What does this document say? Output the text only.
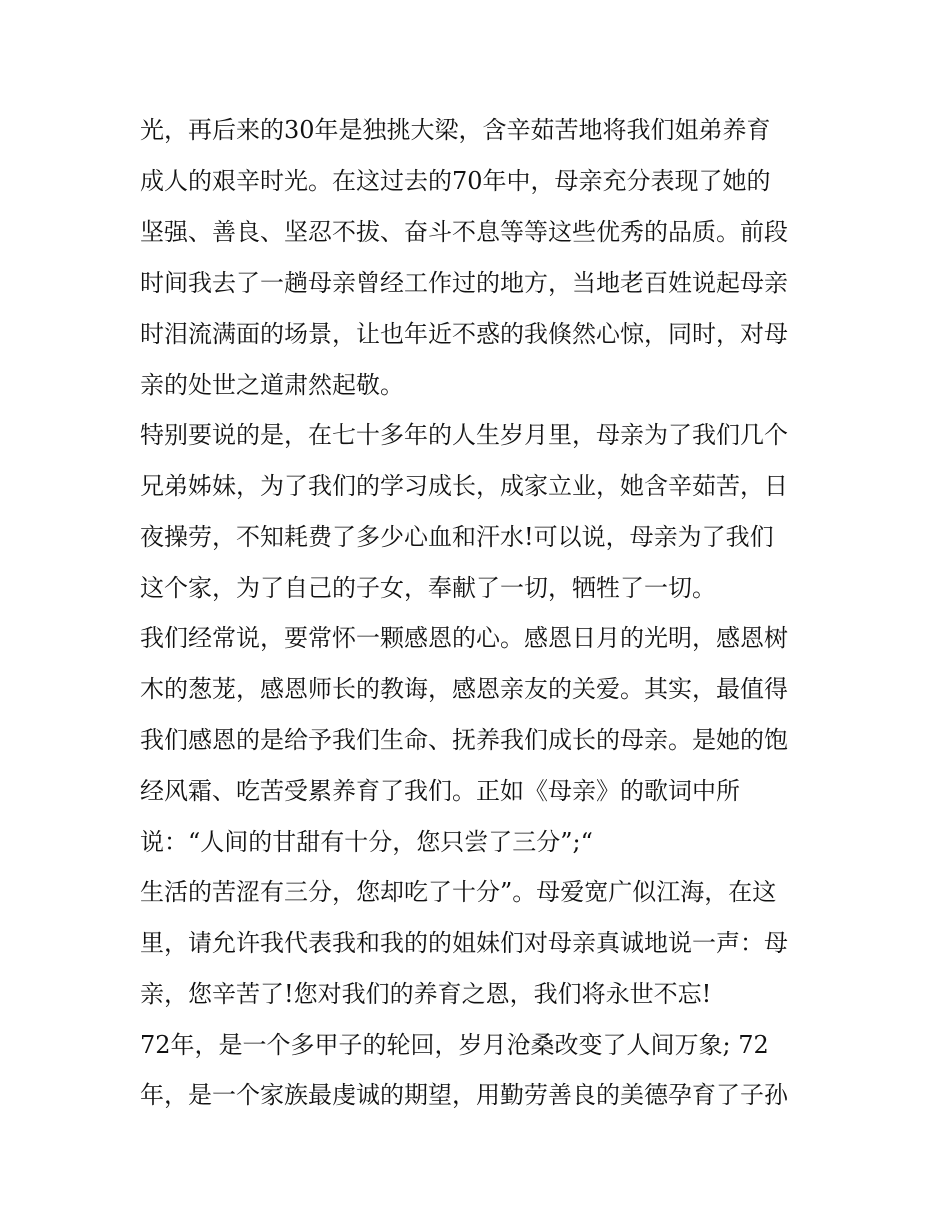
光，再后来的30年是独挑大梁，含辛茹苦地将我们姐弟养育
成人的艰辛时光。在这过去的70年中，母亲充分表现了她的
坚强、善良、坚忍不拔、奋斗不息等等这些优秀的品质。前段
时间我去了一趟母亲曾经工作过的地方，当地老百姓说起母亲
时泪流满面的场景，让也年近不惑的我倏然心惊，同时，对母
亲的处世之道肃然起敬。
特别要说的是，在七十多年的人生岁月里，母亲为了我们几个
兄弟姊妹，为了我们的学习成长，成家立业，她含辛茹苦，日
夜操劳，不知耗费了多少心血和汗水!可以说，母亲为了我们
这个家，为了自己的子女，奉献了一切，牺牲了一切。
我们经常说，要常怀一颗感恩的心。感恩日月的光明，感恩树
木的葱茏，感恩师长的教诲，感恩亲友的关爱。其实，最值得
我们感恩的是给予我们生命、抚养我们成长的母亲。是她的饱
经风霜、吃苦受累养育了我们。正如《母亲》的歌词中所
说：“人间的甘甜有十分，您只尝了三分”;“
生活的苦涩有三分，您却吃了十分”。母爱宽广似江海，在这
里，请允许我代表我和我的的姐妹们对母亲真诚地说一声：母
亲，您辛苦了!您对我们的养育之恩，我们将永世不忘!
72年，是一个多甲子的轮回，岁月沧桑改变了人间万象; 72
年，是一个家族最虔诚的期望，用勤劳善良的美德孕育了子孙
